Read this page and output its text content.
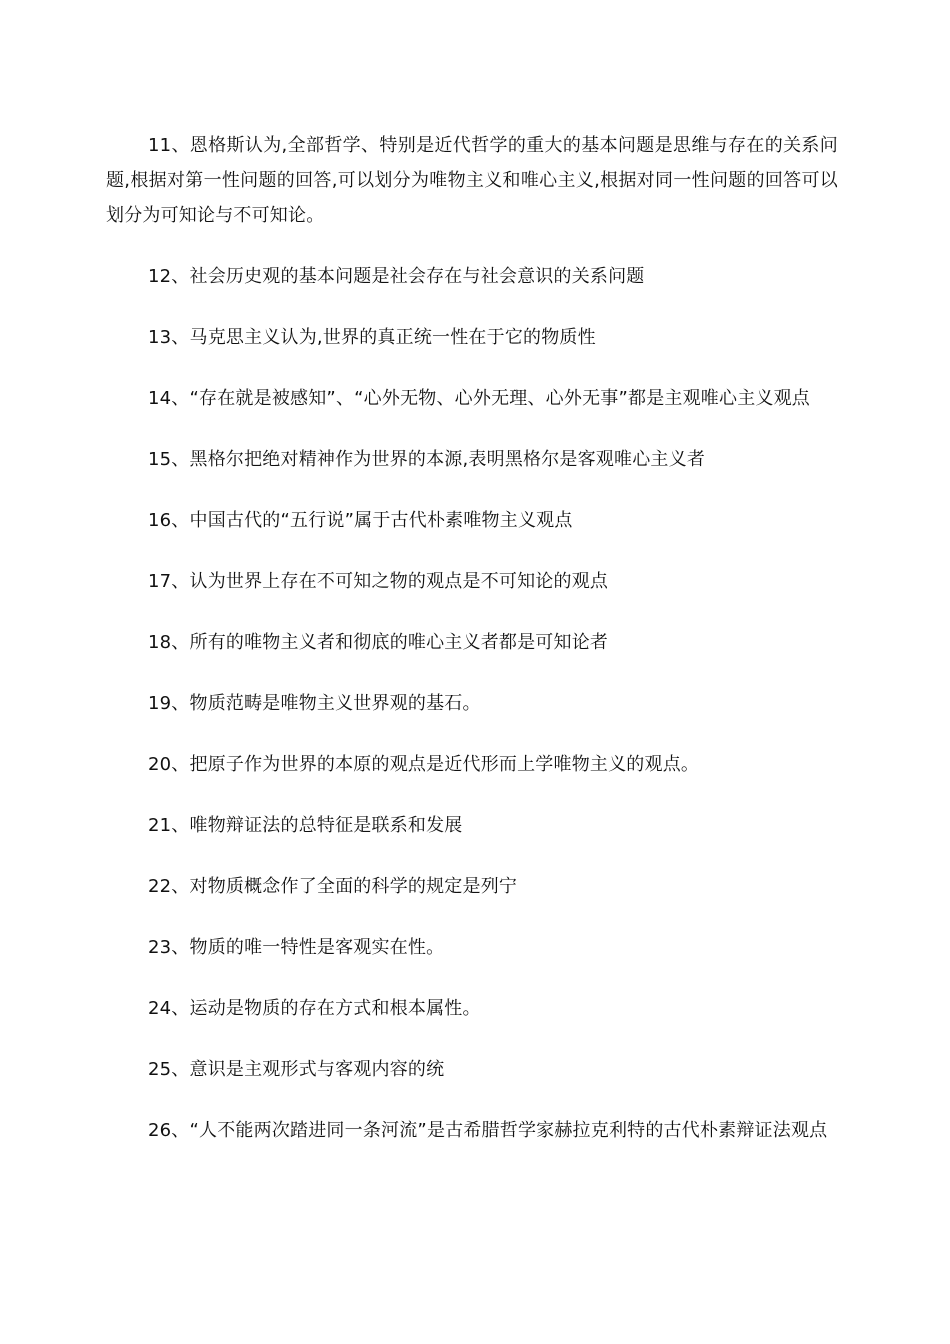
11、恩格斯认为,全部哲学、特别是近代哲学的重大的基本问题是思维与存在的关系问题,根据对第一性问题的回答,可以划分为唯物主义和唯心主义,根据对同一性问题的回答可以划分为可知论与不可知论。

12、社会历史观的基本问题是社会存在与社会意识的关系问题

13、马克思主义认为,世界的真正统一性在于它的物质性

14、“存在就是被感知”、“心外无物、心外无理、心外无事”都是主观唯心主义观点

15、黑格尔把绝对精神作为世界的本源,表明黑格尔是客观唯心主义者

16、中国古代的“五行说”属于古代朴素唯物主义观点

17、认为世界上存在不可知之物的观点是不可知论的观点

18、所有的唯物主义者和彻底的唯心主义者都是可知论者

19、物质范畴是唯物主义世界观的基石。

20、把原子作为世界的本原的观点是近代形而上学唯物主义的观点。

21、唯物辩证法的总特征是联系和发展

22、对物质概念作了全面的科学的规定是列宁

23、物质的唯一特性是客观实在性。

24、运动是物质的存在方式和根本属性。

25、意识是主观形式与客观内容的统

26、“人不能两次踏进同一条河流”是古希腊哲学家赫拉克利特的古代朴素辩证法观点
